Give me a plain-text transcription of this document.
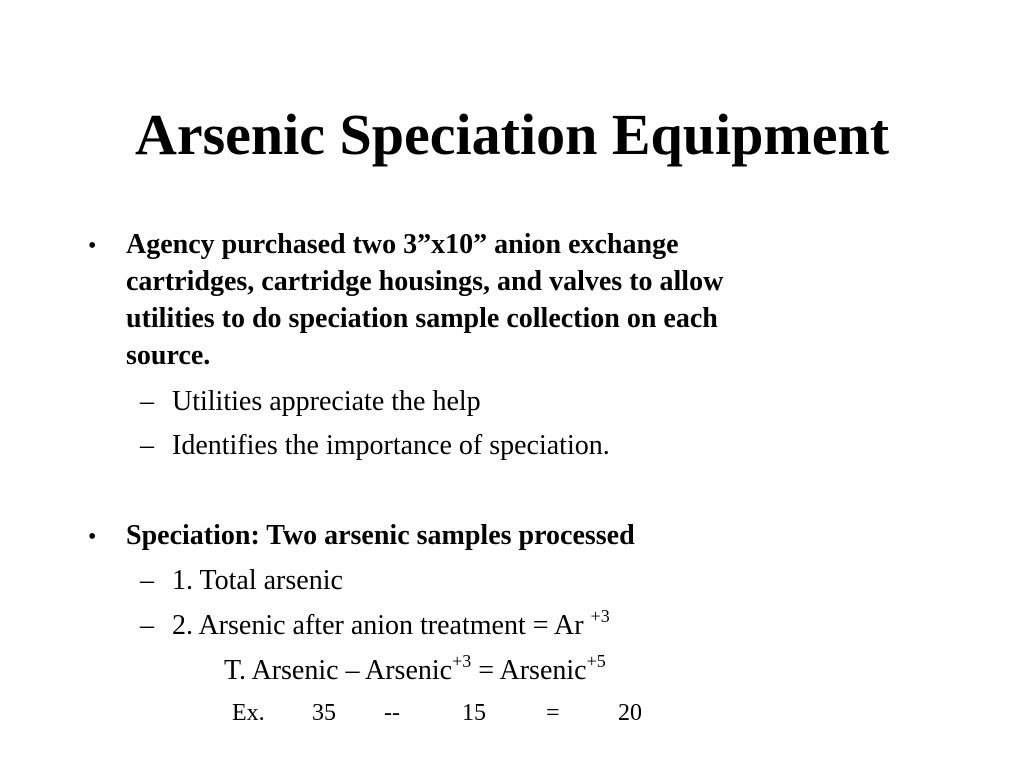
Arsenic Speciation Equipment
• Agency purchased two 3”x10” anion exchange
cartridges, cartridge housings, and valves to allow
utilities to do speciation sample collection on each
source.
– Utilities appreciate the help
– Identifies the importance of speciation.
• Speciation: Two arsenic samples processed
– 1. Total arsenic
– 2. Arsenic after anion treatment = Ar $^{+3}$
T. Arsenic – Arsenic$^{+3}$ = Arsenic$^{+5}$
Ex. 35 --	15	= 20
